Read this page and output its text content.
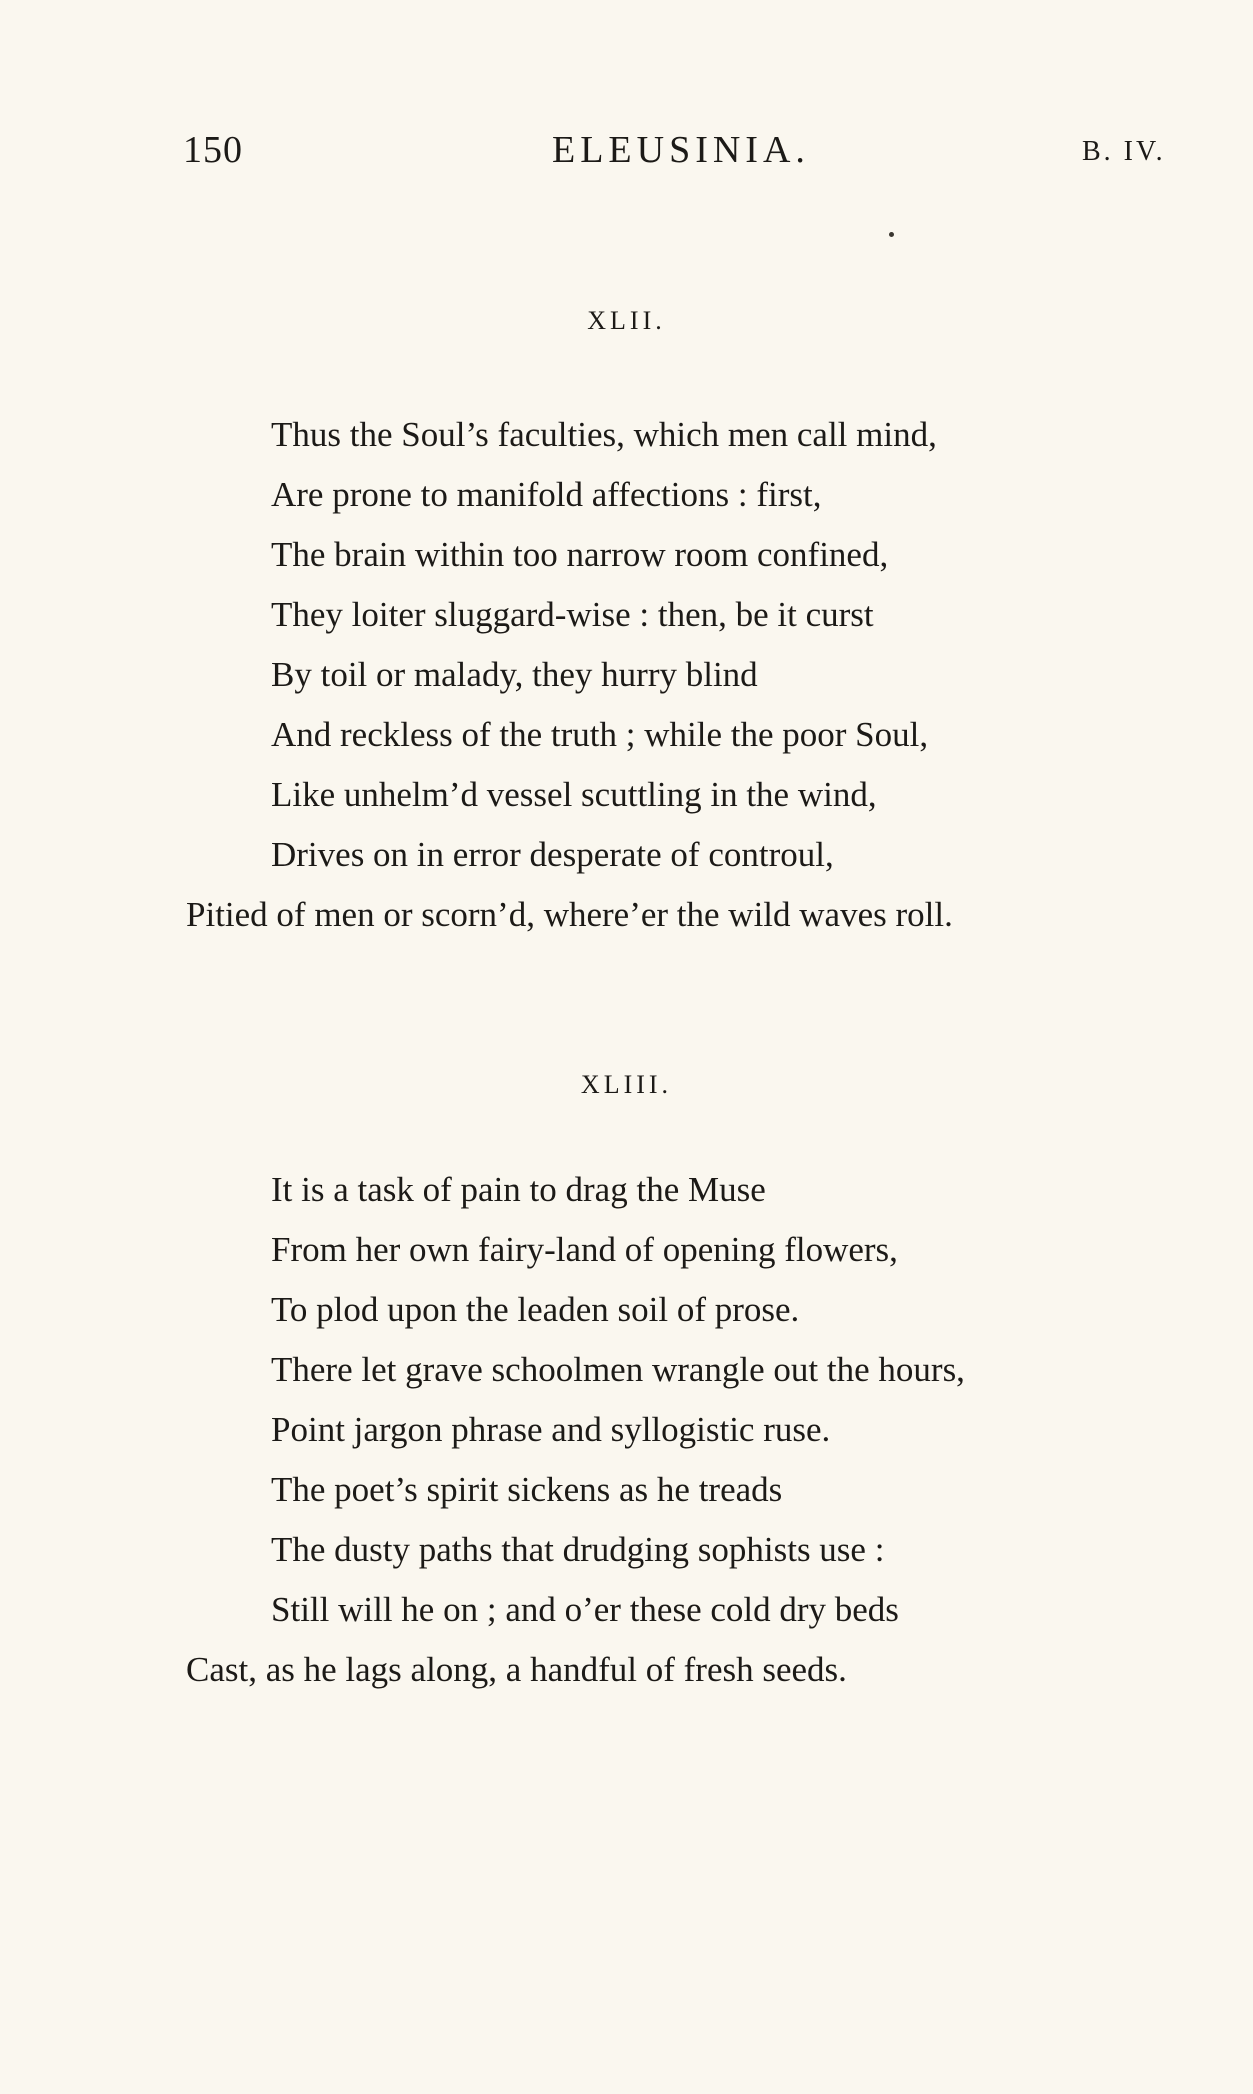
150	ELEUSINIA.	B. IV.
XLII.
Thus the Soul’s faculties, which men call mind,
Are prone to manifold affections : first,
The brain within too narrow room confined,
They loiter sluggard-wise : then, be it curst
By toil or malady, they hurry blind
And reckless of the truth ; while the poor Soul,
Like unhelm’d vessel scuttling in the wind,
Drives on in error desperate of controul,
Pitied of men or scorn’d, where’er the wild waves roll.
XLIII.
It is a task of pain to drag the Muse
From her own fairy-land of opening flowers,
To plod upon the leaden soil of prose.
There let grave schoolmen wrangle out the hours,
Point jargon phrase and syllogistic ruse.
The poet’s spirit sickens as he treads
The dusty paths that drudging sophists use :
Still will he on ; and o’er these cold dry beds
Cast, as he lags along, a handful of fresh seeds.
